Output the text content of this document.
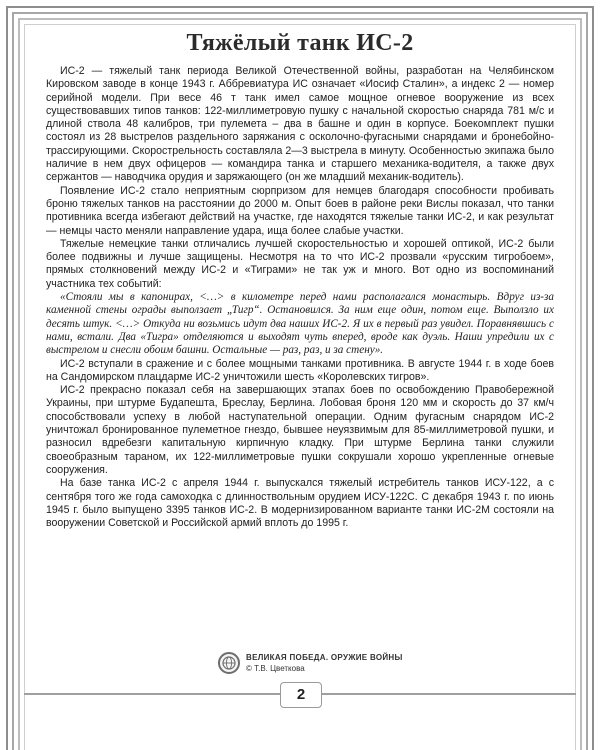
Тяжёлый танк ИС-2

ИС-2 — тяжелый танк периода Великой Отечественной войны, разработан на Челябинском Кировском заводе в конце 1943 г. Аббревиатура ИС означает «Иосиф Сталин», а индекс 2 — номер серийной модели. При весе 46 т танк имел самое мощное огневое вооружение из всех существовавших типов танков: 122-миллиметровую пушку с начальной скоростью снаряда 781 м/с и длиной ствола 48 калибров, три пулемета – два в башне и один в корпусе. Боекомплект пушки состоял из 28 выстрелов раздельного заряжания с осколочно-фугасными снарядами и бронебойно-трассирующими. Скорострельность составляла 2—3 выстрела в минуту. Особенностью экипажа было наличие в нем двух офицеров — командира танка и старшего механика-водителя, а также двух сержантов — наводчика орудия и заряжающего (он же младший механик-водитель).

Появление ИС-2 стало неприятным сюрпризом для немцев благодаря способности пробивать броню тяжелых танков на расстоянии до 2000 м. Опыт боев в районе реки Вислы показал, что танки противника всегда избегают действий на участке, где находятся тяжелые танки ИС-2, и как результат — немцы часто меняли направление удара, ища более слабые участки.

Тяжелые немецкие танки отличались лучшей скоростельностью и хорошей оптикой, ИС-2 были более подвижны и лучше защищены. Несмотря на то что ИС-2 прозвали «русским тигробоем», прямых столкновений между ИС-2 и «Тиграми» не так уж и много. Вот одно из воспоминаний участника тех событий:

«Стояли мы в капонирах, <…> в километре перед нами располагался монастырь. Вдруг из-за каменной стены ограды выползает „Тигр“. Остановился. За ним еще один, потом еще. Выползло их десять штук. <…> Откуда ни возьмись идут два наших ИС-2. Я их в первый раз увидел. Поравнявшись с нами, встали. Два «Тигра» отделяются и выходят чуть вперед, вроде как дуэль. Наши упредили их с выстрелом и снесли обоим башни. Остальные — раз, раз, и за стену».

ИС-2 вступали в сражение и с более мощными танками противника. В августе 1944 г. в ходе боев на Сандомирском плацдарме ИС-2 уничтожили шесть «Королевских тигров».

ИС-2 прекрасно показал себя на завершающих этапах боев по освобождению Правобережной Украины, при штурме Будапешта, Бреслау, Берлина. Лобовая броня 120 мм и скорость до 37 км/ч способствовали успеху в любой наступательной операции. Одним фугасным снарядом ИС-2 уничтожал бронированное пулеметное гнездо, бывшее неуязвимым для 85-миллиметровой пушки, и разносил вдребезги капитальную кирпичную кладку. При штурме Берлина танки служили своеобразным тараном, их 122-миллиметровые пушки сокрушали хорошо укрепленные огневые сооружения.

На базе танка ИС-2 с апреля 1944 г. выпускался тяжелый истребитель танков ИСУ-122, а с сентября того же года самоходка с длинноствольным орудием ИСУ-122С. С декабря 1943 г. по июнь 1945 г. было выпущено 3395 танков ИС-2. В модернизированном варианте танки ИС-2М состояли на вооружении Советской и Российской армий вплоть до 1995 г.

ВЕЛИКАЯ ПОБЕДА. ОРУЖИЕ ВОЙНЫ
© Т.В. Цветкова
2
